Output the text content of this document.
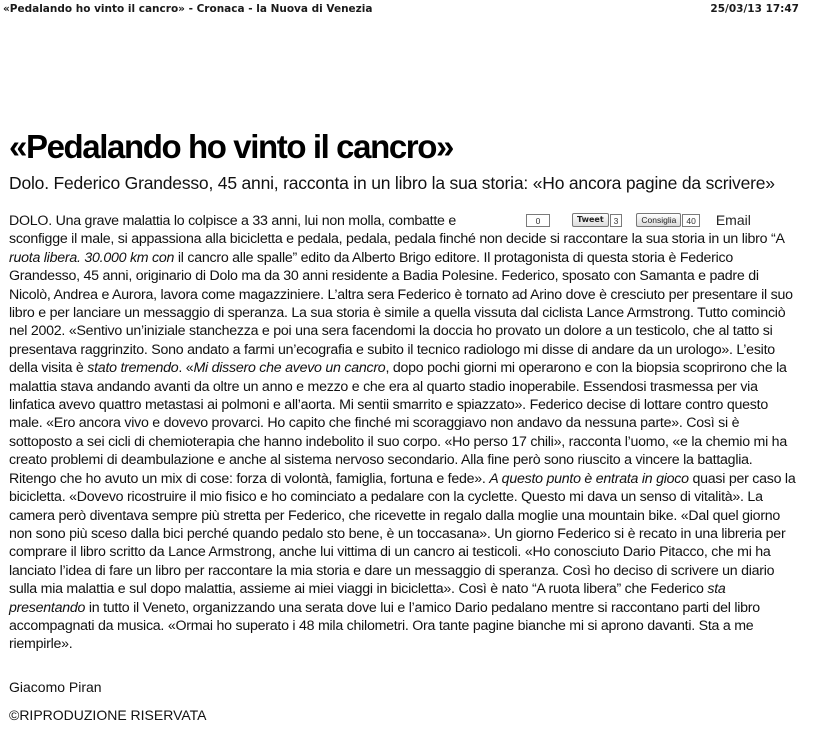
«Pedalando ho vinto il cancro» - Cronaca - la Nuova di Venezia	25/03/13 17:47
«Pedalando ho vinto il cancro»
Dolo. Federico Grandesso, 45 anni, racconta in un libro la sua storia: «Ho ancora pagine da scrivere»
0	Tweet	3	Consiglia	40 Email

DOLO. Una grave malattia lo colpisce a 33 anni, lui non molla, combatte e sconfigge il male, si appassiona alla bicicletta e pedala, pedala, pedala finché non decide si raccontare la sua storia in un libro “A ruota libera. 30.000 km con il cancro alle spalle” edito da Alberto Brigo editore. Il protagonista di questa storia è Federico Grandesso, 45 anni, originario di Dolo ma da 30 anni residente a Badia Polesine. Federico, sposato con Samanta e padre di Nicolò, Andrea e Aurora, lavora come magazziniere. L’altra sera Federico è tornato ad Arino dove è cresciuto per presentare il suo libro e per lanciare un messaggio di speranza. La sua storia è simile a quella vissuta dal ciclista Lance Armstrong. Tutto cominciò nel 2002. «Sentivo un’iniziale stanchezza e poi una sera facendomi la doccia ho provato un dolore a un testicolo, che al tatto si presentava raggrinzito. Sono andato a farmi un’ecografia e subito il tecnico radiologo mi disse di andare da un urologo». L’esito della visita è stato tremendo. «Mi dissero che avevo un cancro, dopo pochi giorni mi operarono e con la biopsia scoprirono che la malattia stava andando avanti da oltre un anno e mezzo e che era al quarto stadio inoperabile. Essendosi trasmessa per via linfatica avevo quattro metastasi ai polmoni e all’aorta. Mi sentii smarrito e spiazzato». Federico decise di lottare contro questo male. «Ero ancora vivo e dovevo provarci. Ho capito che finché mi scoraggiavo non andavo da nessuna parte». Così si è sottoposto a sei cicli di chemioterapia che hanno indebolito il suo corpo. «Ho perso 17 chili», racconta l’uomo, «e la chemio mi ha creato problemi di deambulazione e anche al sistema nervoso secondario. Alla fine però sono riuscito a vincere la battaglia. Ritengo che ho avuto un mix di cose: forza di volontà, famiglia, fortuna e fede». A questo punto è entrata in gioco quasi per caso la bicicletta. «Dovevo ricostruire il mio fisico e ho cominciato a pedalare con la cyclette. Questo mi dava un senso di vitalità». La camera però diventava sempre più stretta per Federico, che ricevette in regalo dalla moglie una mountain bike. «Dal quel giorno non sono più sceso dalla bici perché quando pedalo sto bene, è un toccasana». Un giorno Federico si è recato in una libreria per comprare il libro scritto da Lance Armstrong, anche lui vittima di un cancro ai testicoli. «Ho conosciuto Dario Pitacco, che mi ha lanciato l’idea di fare un libro per raccontare la mia storia e dare un messaggio di speranza. Così ho deciso di scrivere un diario sulla mia malattia e sul dopo malattia, assieme ai miei viaggi in bicicletta». Così è nato “A ruota libera” che Federico sta presentando in tutto il Veneto, organizzando una serata dove lui e l’amico Dario pedalano mentre si raccontano parti del libro accompagnati da musica. «Ormai ho superato i 48 mila chilometri. Ora tante pagine bianche mi si aprono davanti. Sta a me riempirle».

Giacomo Piran

©RIPRODUZIONE RISERVATA
